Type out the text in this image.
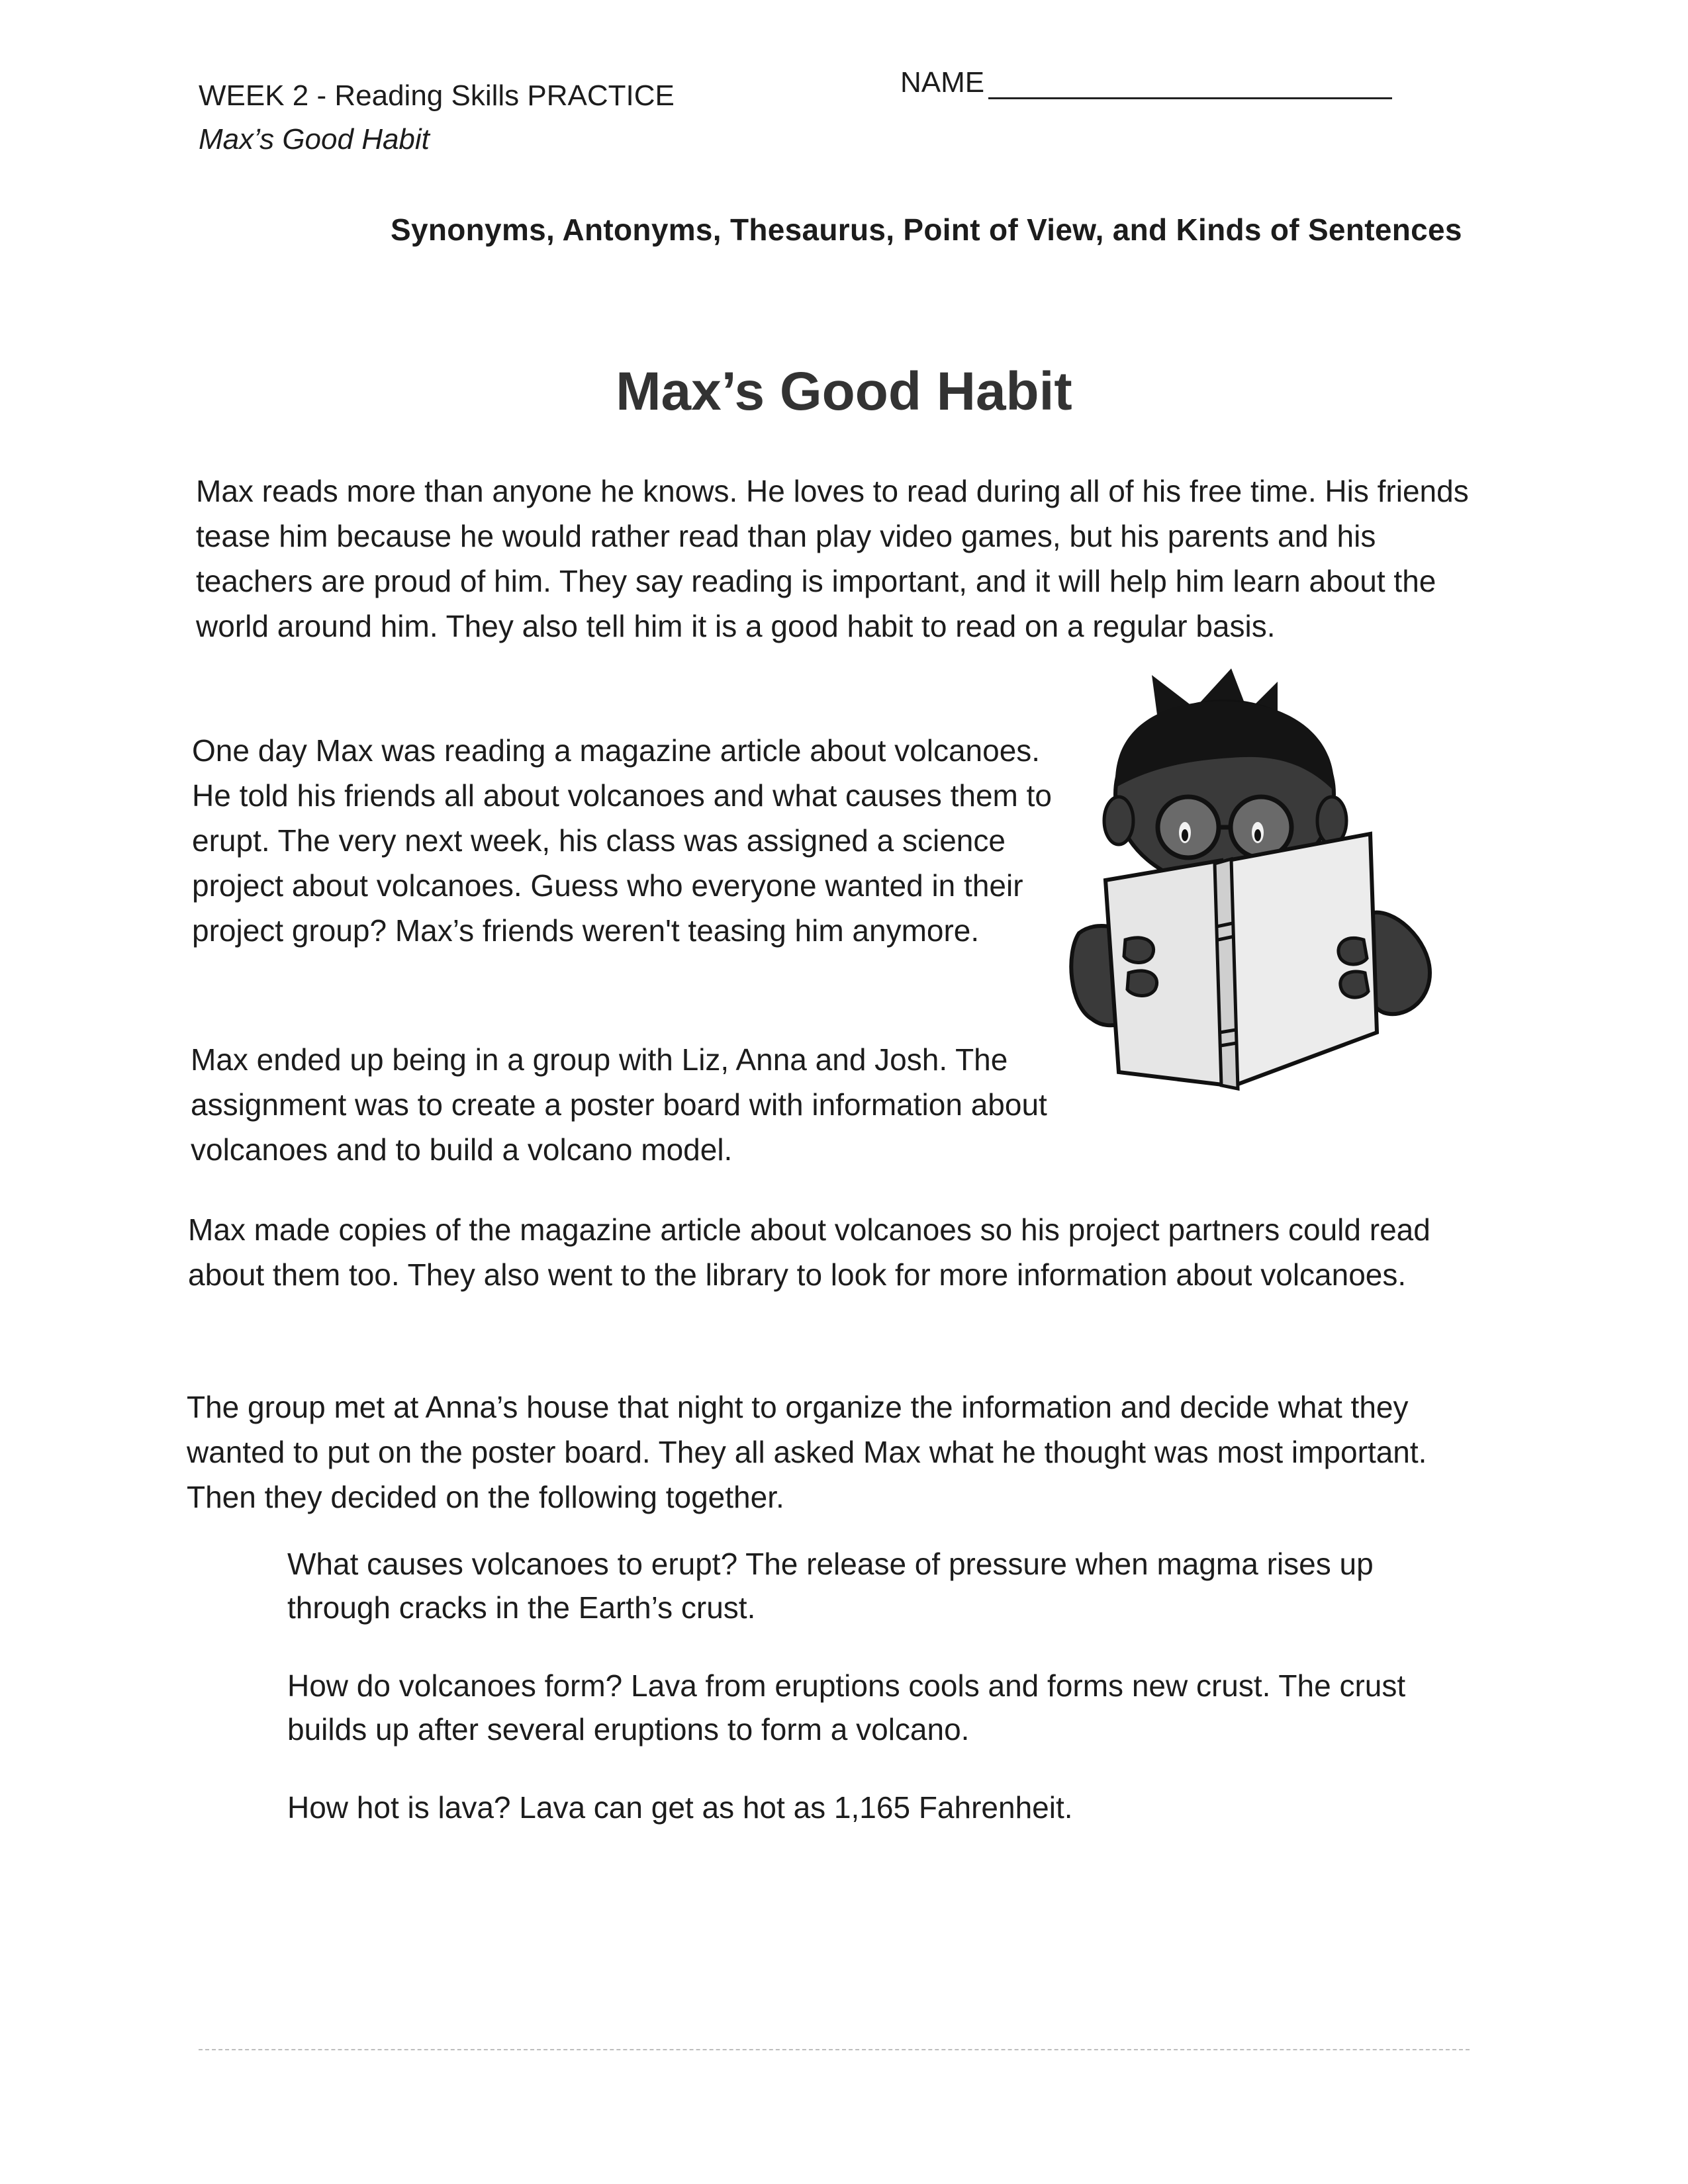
WEEK 2 - Reading Skills PRACTICE
Max’s Good Habit
NAME
Synonyms, Antonyms, Thesaurus, Point of View, and Kinds of Sentences
Max’s Good Habit

Max reads more than anyone he knows. He loves to read during all of his free time. His friends tease him because he would rather read than play video games, but his parents and his teachers are proud of him. They say reading is important, and it will help him learn about the world around him. They also tell him it is a good habit to read on a regular basis.

One day Max was reading a magazine article about volcanoes. He told his friends all about volcanoes and what causes them to erupt. The very next week, his class was assigned a science project about volcanoes. Guess who everyone wanted in their project group? Max’s friends weren't teasing him anymore.

Max ended up being in a group with Liz, Anna and Josh. The assignment was to create a poster board with information about volcanoes and to build a volcano model.

Max made copies of the magazine article about volcanoes so his project partners could read about them too. They also went to the library to look for more information about volcanoes.

The group met at Anna’s house that night to organize the information and decide what they wanted to put on the poster board. They all asked Max what he thought was most important. Then they decided on the following together.

What causes volcanoes to erupt? The release of pressure when magma rises up through cracks in the Earth’s crust.

How do volcanoes form? Lava from eruptions cools and forms new crust. The crust builds up after several eruptions to form a volcano.

How hot is lava? Lava can get as hot as 1,165 Fahrenheit.
